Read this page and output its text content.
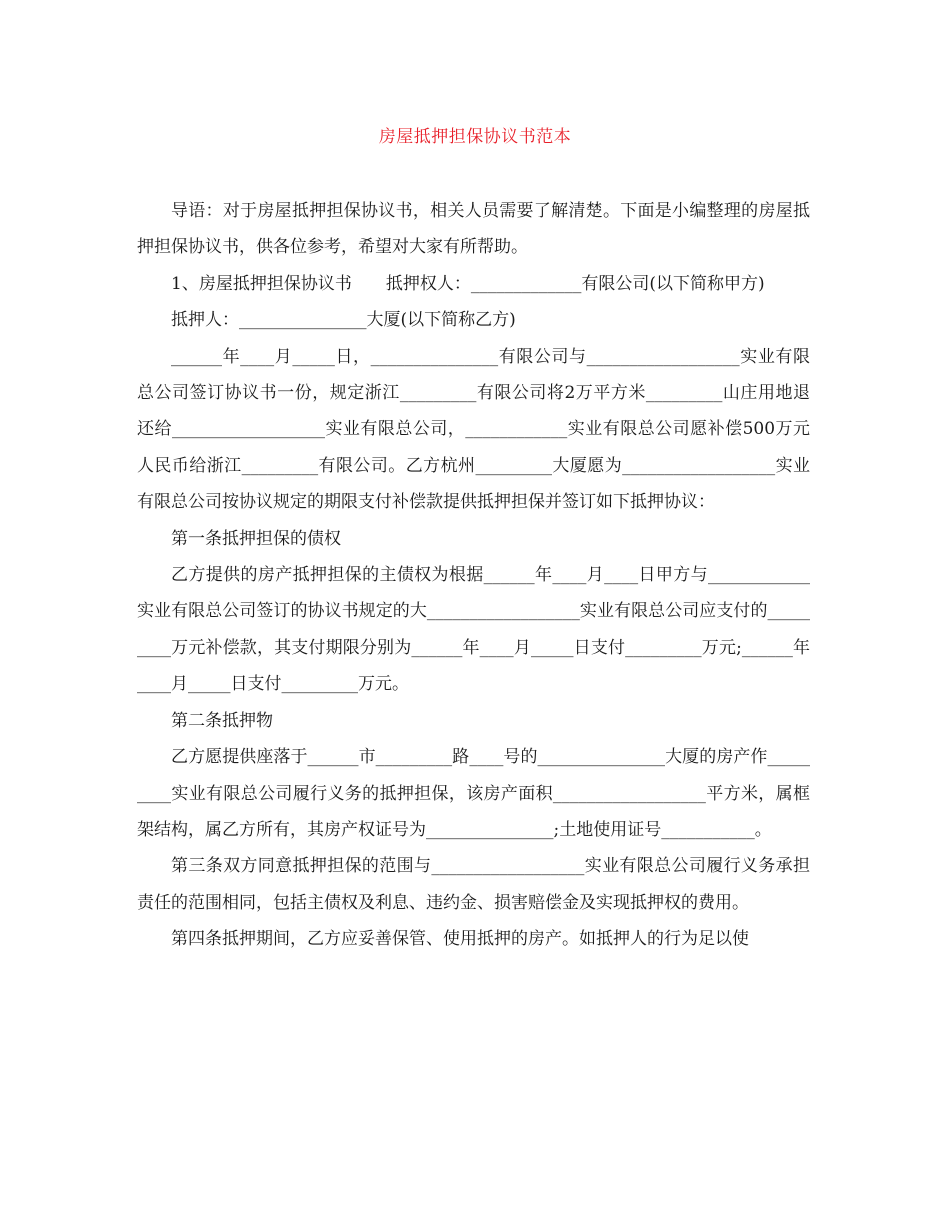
房屋抵押担保协议书范本

导语：对于房屋抵押担保协议书，相关人员需要了解清楚。下面是小编整理的房屋抵押担保协议书，供各位参考，希望对大家有所帮助。

1、房屋抵押担保协议书　　抵押权人：_____________有限公司(以下简称甲方)

抵押人：_______________大厦(以下简称乙方)

______年____月_____日，_______________有限公司与__________________实业有限总公司签订协议书一份，规定浙江_________有限公司将2万平方米_________山庄用地退还给__________________实业有限总公司，____________实业有限总公司愿补偿500万元人民币给浙江_________有限公司。乙方杭州_________大厦愿为__________________实业有限总公司按协议规定的期限支付补偿款提供抵押担保并签订如下抵押协议：

第一条抵押担保的债权

乙方提供的房产抵押担保的主债权为根据______年____月____日甲方与____________实业有限总公司签订的协议书规定的大__________________实业有限总公司应支付的_________万元补偿款，其支付期限分别为______年____月_____日支付_________万元;______年____月_____日支付_________万元。

第二条抵押物

乙方愿提供座落于______市_________路____号的_______________大厦的房产作_________实业有限总公司履行义务的抵押担保，该房产面积__________________平方米，属框架结构，属乙方所有，其房产权证号为_______________;土地使用证号___________。

第三条双方同意抵押担保的范围与__________________实业有限总公司履行义务承担责任的范围相同，包括主债权及利息、违约金、损害赔偿金及实现抵押权的费用。

第四条抵押期间，乙方应妥善保管、使用抵押的房产。如抵押人的行为足以使
